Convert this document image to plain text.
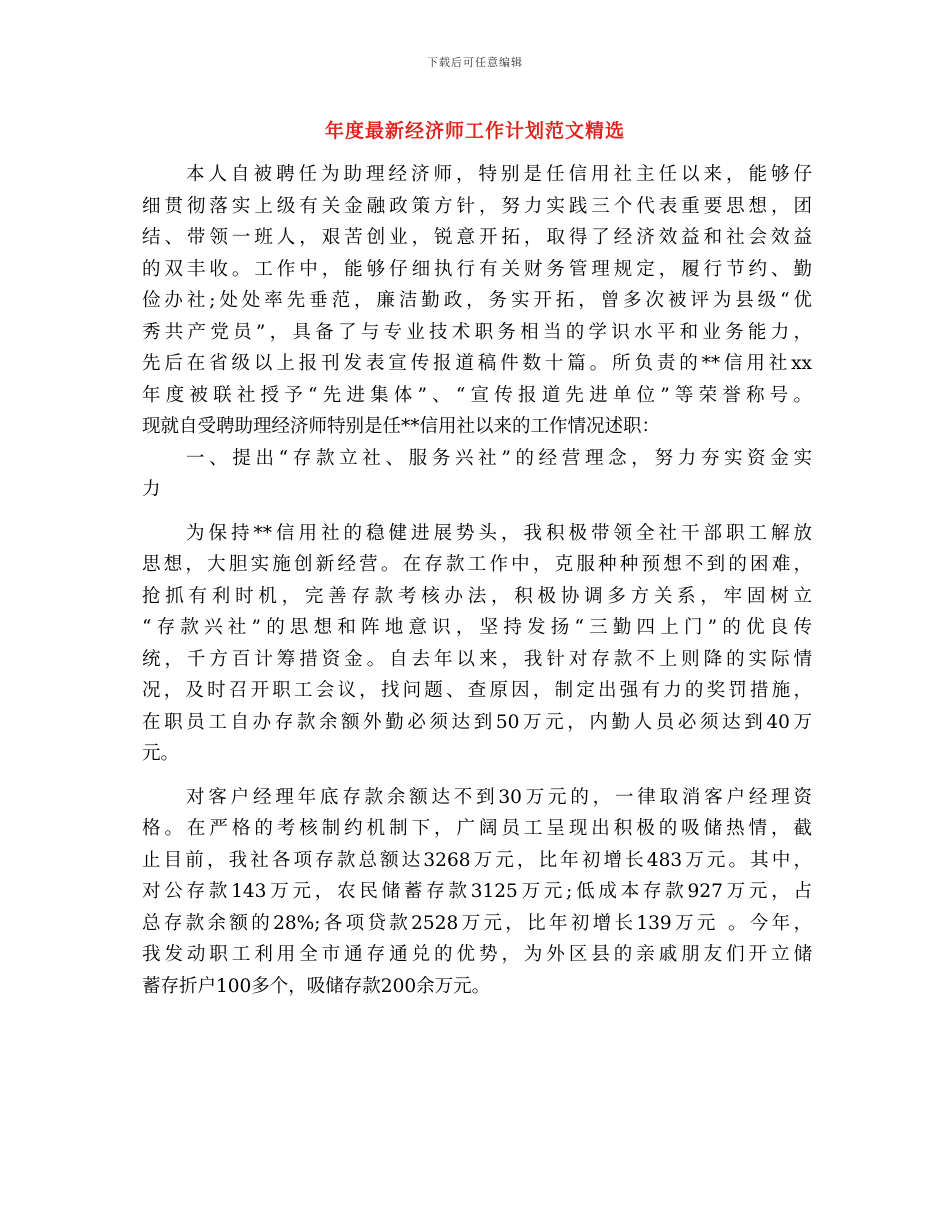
下载后可任意编辑
年度最新经济师工作计划范文精选
本人自被聘任为助理经济师，特别是任信用社主任以来，能够仔
细贯彻落实上级有关金融政策方针，努力实践三个代表重要思想，团
结、带领一班人，艰苦创业，锐意开拓，取得了经济效益和社会效益
的双丰收。工作中，能够仔细执行有关财务管理规定，履行节约、勤
俭办社;处处率先垂范，廉洁勤政，务实开拓，曾多次被评为县级“优
秀共产党员”，具备了与专业技术职务相当的学识水平和业务能力，
先后在省级以上报刊发表宣传报道稿件数十篇。所负责的**信用社xx
年度被联社授予“先进集体”、“宣传报道先进单位”等荣誉称号。
现就自受聘助理经济师特别是任**信用社以来的工作情况述职：
一、提出“存款立社、服务兴社”的经营理念，努力夯实资金实
力
为保持**信用社的稳健进展势头，我积极带领全社干部职工解放
思想，大胆实施创新经营。在存款工作中，克服种种预想不到的困难，
抢抓有利时机，完善存款考核办法，积极协调多方关系，牢固树立
“存款兴社”的思想和阵地意识，坚持发扬“三勤四上门”的优良传
统，千方百计筹措资金。自去年以来，我针对存款不上则降的实际情
况，及时召开职工会议，找问题、查原因，制定出强有力的奖罚措施，
在职员工自办存款余额外勤必须达到50万元，内勤人员必须达到40万
元。
对客户经理年底存款余额达不到30万元的，一律取消客户经理资
格。在严格的考核制约机制下，广阔员工呈现出积极的吸储热情，截
止目前，我社各项存款总额达3268万元，比年初增长483万元。其中，
对公存款143万元，农民储蓄存款3125万元;低成本存款927万元，占
总存款余额的28%;各项贷款2528万元，比年初增长139万元 。今年，
我发动职工利用全市通存通兑的优势，为外区县的亲戚朋友们开立储
蓄存折户100多个，吸储存款200余万元。
